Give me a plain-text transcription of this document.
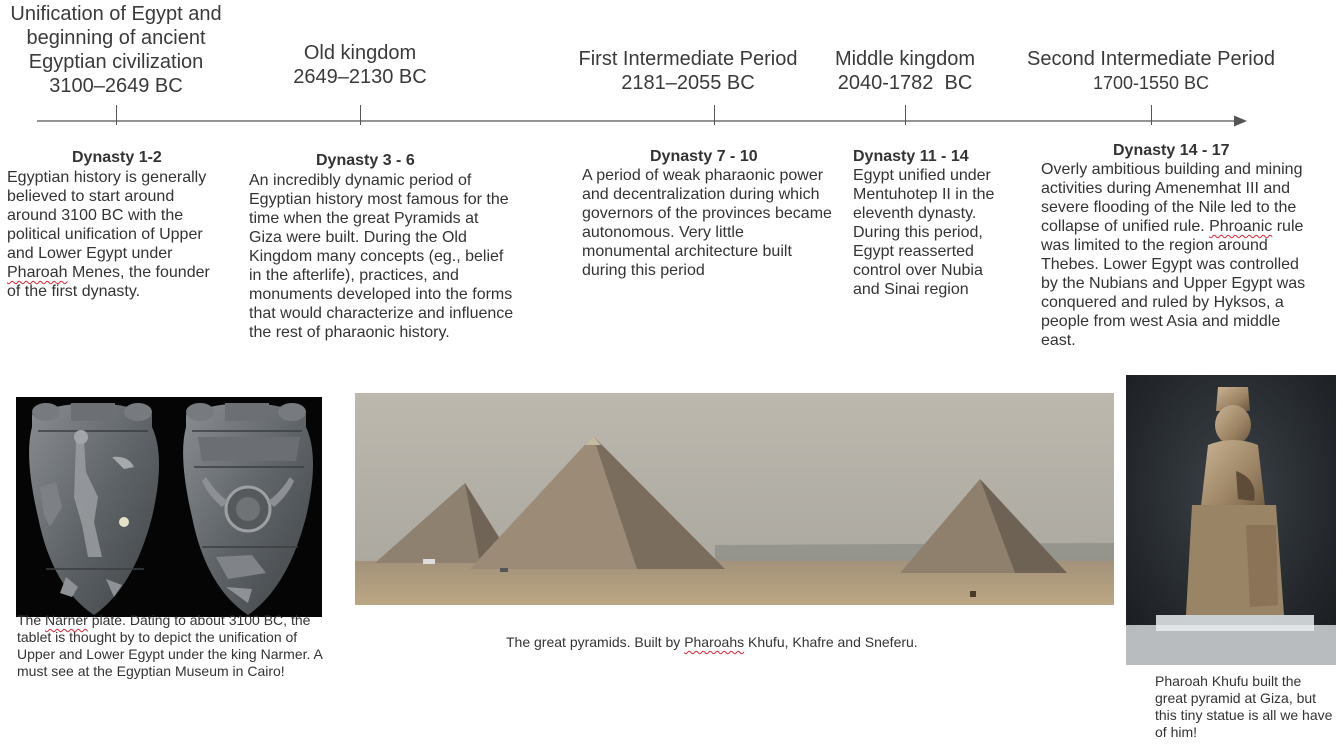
Unification of Egypt and beginning of ancient Egyptian civilization
3100–2649 BC
Old kingdom
2649–2130 BC
First Intermediate Period
2181–2055 BC
Middle kingdom
2040-1782  BC
Second Intermediate Period
1700-1550 BC
Dynasty 1-2
Egyptian history is generally believed to start around around 3100 BC with the political unification of Upper and Lower Egypt under Pharoah Menes, the founder of the first dynasty.
Dynasty 3 - 6
An incredibly dynamic period of Egyptian history most famous for the time when the great Pyramids at Giza were built. During the Old Kingdom many concepts (eg., belief in the afterlife), practices, and monuments developed into the forms that would characterize and influence the rest of pharaonic history.
Dynasty 7 - 10
A period of weak pharaonic power and decentralization during which governors of the provinces became autonomous. Very little monumental architecture built during this period
Dynasty 11 - 14
Egypt unified under Mentuhotep II in the eleventh dynasty. During this period, Egypt reasserted control over Nubia and Sinai region
Dynasty 14 - 17
Overly ambitious building and mining activities during Amenemhat III and severe flooding of the Nile led to the collapse of unified rule. Phroanic rule was limited to the region around Thebes. Lower Egypt was controlled by the Nubians and Upper Egypt was conquered and ruled by Hyksos, a people from west Asia and middle east.
The Narner plate. Dating to about 3100 BC, the tablet is thought by to depict the unification of Upper and Lower Egypt under the king Narmer. A must see at the Egyptian Museum in Cairo!
The great pyramids. Built by Pharoahs Khufu, Khafre and Sneferu.
Pharoah Khufu built the great pyramid at Giza, but this tiny statue is all we have of him!
